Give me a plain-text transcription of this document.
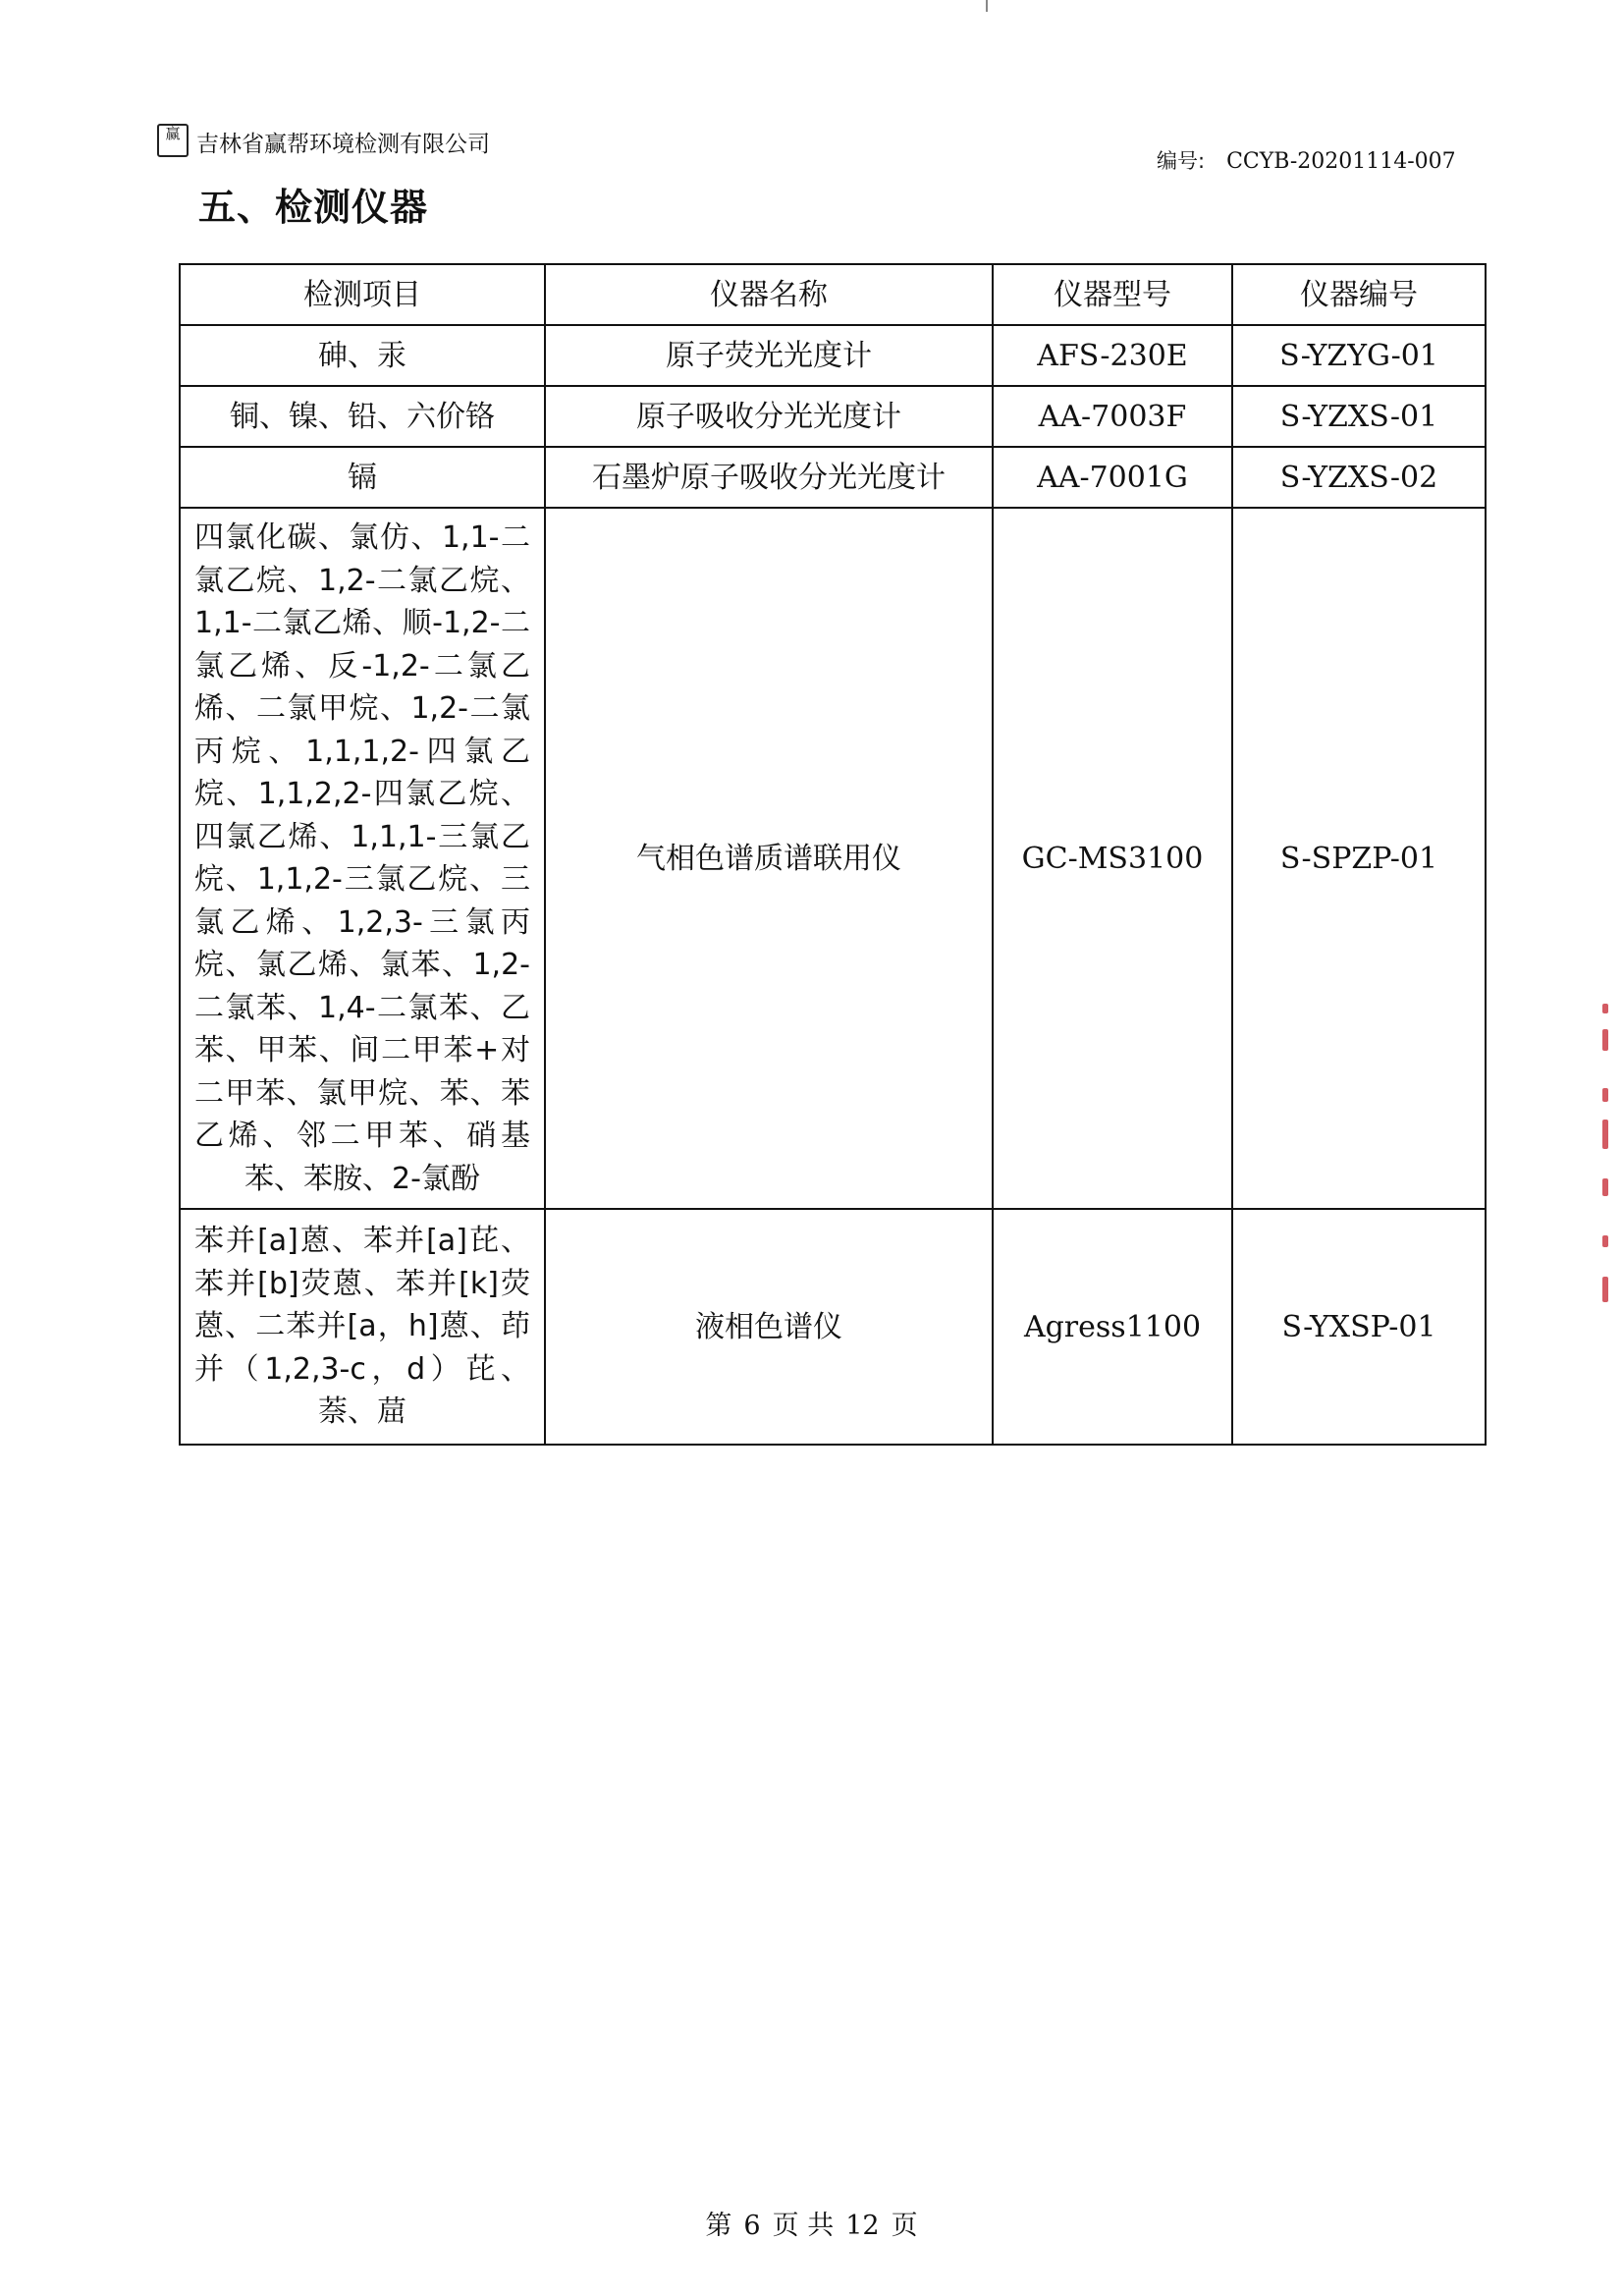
赢 吉林省赢帮环境检测有限公司
编号: CCYB-20201114-007
五、检测仪器
检测项目	仪器名称	仪器型号	仪器编号
砷、汞	原子荧光光度计	AFS-230E	S-YZYG-01
铜、镍、铅、六价铬	原子吸收分光光度计	AA-7003F	S-YZXS-01
镉	石墨炉原子吸收分光光度计	AA-7001G	S-YZXS-02
四氯化碳、氯仿、1,1-二氯乙烷、1,2-二氯乙烷、1,1-二氯乙烯、顺-1,2-二氯乙烯、反-1,2-二氯乙烯、二氯甲烷、1,2-二氯丙烷、1,1,1,2-四氯乙烷、1,1,2,2-四氯乙烷、四氯乙烯、1,1,1-三氯乙烷、1,1,2-三氯乙烷、三氯乙烯、1,2,3-三氯丙烷、氯乙烯、氯苯、1,2-二氯苯、1,4-二氯苯、乙苯、甲苯、间二甲苯+对二甲苯、氯甲烷、苯、苯乙烯、邻二甲苯、硝基苯、苯胺、2-氯酚	气相色谱质谱联用仪	GC-MS3100	S-SPZP-01
苯并[a]蒽、苯并[a]芘、苯并[b]荧蒽、苯并[k]荧蒽、二苯并[a，h]蒽、茚并（1,2,3-c，d）芘、萘、䓛	液相色谱仪	Agress1100	S-YXSP-01
第 6 页 共 12 页
